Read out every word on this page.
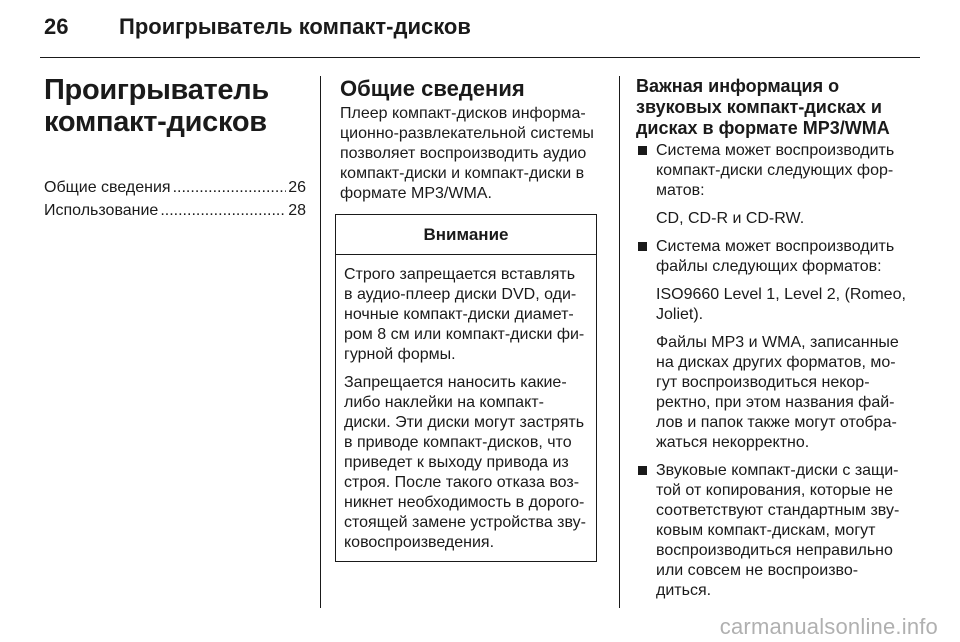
26 Проигрыватель компакт-дисков
Проигрыватель
компакт-дисков
Общие сведения .....	26
Использование .....	28
Общие сведения

Плеер компакт-дисков информа-
ционно-развлекательной системы
позволяет воспроизводить аудио
компакт-диски и компакт-диски в
формате MP3/WMA.

Внимание

Строго запрещается вставлять
в аудио-плеер диски DVD, оди-
ночные компакт-диски диамет-
ром 8 см или компакт-диски фи-
гурной формы.

Запрещается наносить какие-
либо наклейки на компакт-
диски. Эти диски могут застрять
в приводе компакт-дисков, что
приведет к выходу привода из
строя. После такого отказа воз-
никнет необходимость в дорого-
стоящей замене устройства зву-
ковоспроизведения.

Важная информация о
звуковых компакт-дисках и
дисках в формате MP3/WMA
Система может воспроизводить
компакт-диски следующих фор-
матов:

CD, CD-R и CD-RW.

Система может воспроизводить
файлы следующих форматов:

ISO9660 Level 1, Level 2, (Romeo,
Joliet).

Файлы MP3 и WMA, записанные
на дисках других форматов, мо-
гут воспроизводиться некор-
ректно, при этом названия фай-
лов и папок также могут отобра-
жаться некорректно.

Звуковые компакт-диски с защи-
той от копирования, которые не
соответствуют стандартным зву-
ковым компакт-дискам, могут
воспроизводиться неправильно
или совсем не воспроизво-
диться.
carmanualsonline.info
